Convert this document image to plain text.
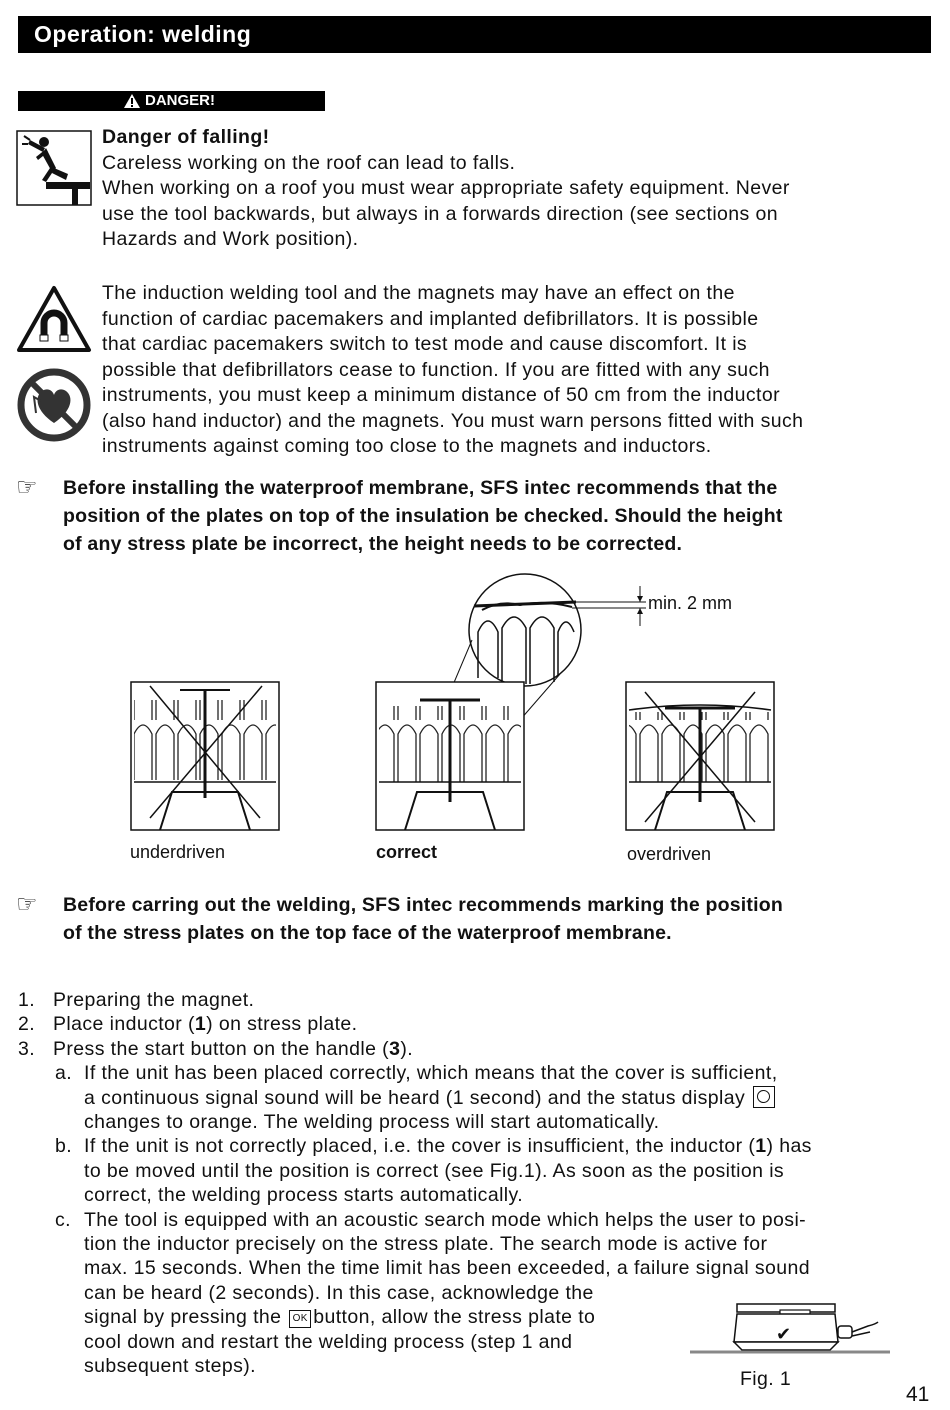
Operation: welding
DANGER!
Danger of falling!
Careless working on the roof can lead to falls.
When working on a roof you must wear appropriate safety equipment. Never
use the tool backwards, but always in a forwards direction (see sections on
Hazards and Work position).
The induction welding tool and the magnets may have an effect on the
function of cardiac pacemakers and implanted defibrillators. It is possible
that cardiac pacemakers switch to test mode and cause discomfort. It is
possible that defibrillators cease to function. If you are fitted with any such
instruments, you must keep a minimum distance of 50 cm from the inductor
(also hand inductor) and the magnets. You must warn persons fitted with such
instruments against coming too close to the magnets and inductors.
☞ Before installing the waterproof membrane, SFS intec recommends that the
position of the plates on top of the insulation be checked. Should the height
of any stress plate be incorrect, the height needs to be corrected.
min. 2 mm
underdriven	correct	overdriven
☞ Before carring out the welding, SFS intec recommends marking the position
of the stress plates on the top face of the waterproof membrane.
1. Preparing the magnet.
2. Place inductor (1) on stress plate.
3. Press the start button on the handle (3).
a. If the unit has been placed correctly, which means that the cover is sufficient,
a continuous signal sound will be heard (1 second) and the status display
changes to orange. The welding process will start automatically.
b. If the unit is not correctly placed, i.e. the cover is insufficient, the inductor (1) has
to be moved until the position is correct (see Fig.1). As soon as the position is
correct, the welding process starts automatically.
c. The tool is equipped with an acoustic search mode which helps the user to posi-
tion the inductor precisely on the stress plate. The search mode is active for
max. 15 seconds. When the time limit has been exceeded, a failure signal sound
can be heard (2 seconds). In this case, acknowledge the
signal by pressing the OK button, allow the stress plate to
cool down and restart the welding process (step 1 and
subsequent steps).
✔
Fig. 1
41
